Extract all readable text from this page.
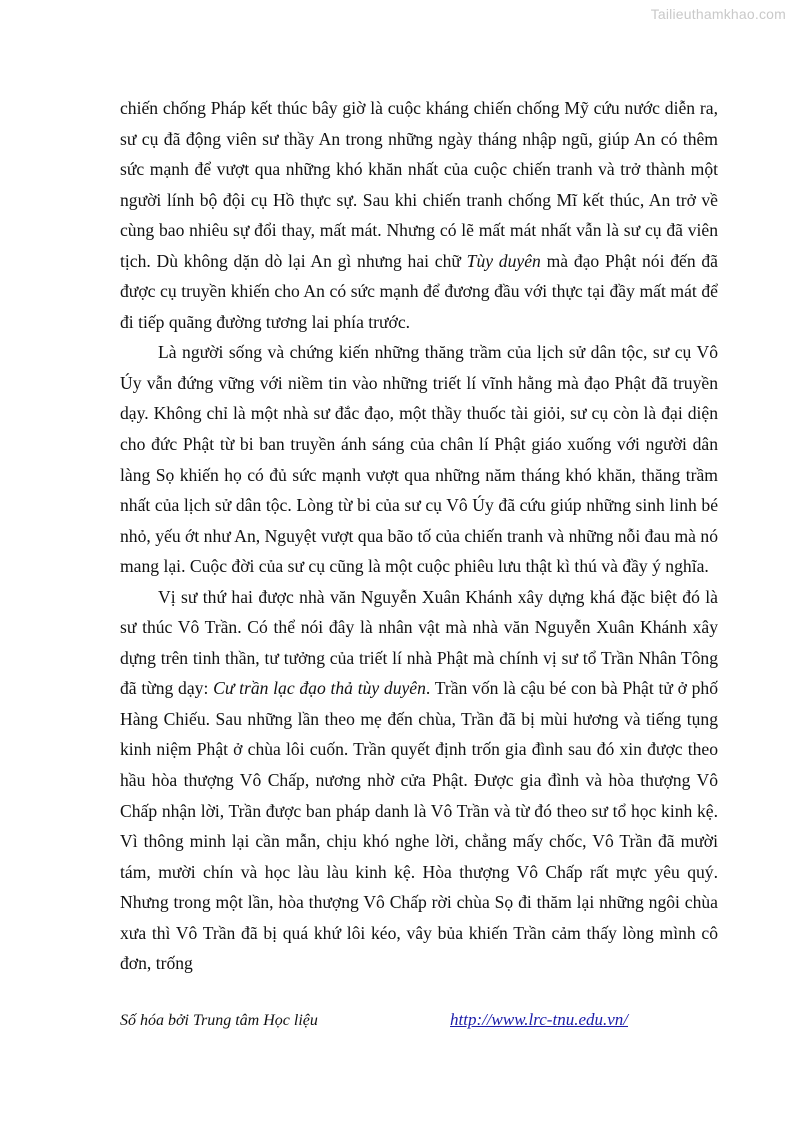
Tailieuthamkhao.com

chiến chống Pháp kết thúc bây giờ là cuộc kháng chiến chống Mỹ cứu nước diễn ra, sư cụ đã động viên sư thầy An trong những ngày tháng nhập ngũ, giúp An có thêm sức mạnh để vượt qua những khó khăn nhất của cuộc chiến tranh và trở thành một người lính bộ đội cụ Hồ thực sự. Sau khi chiến tranh chống Mĩ kết thúc, An trở về cùng bao nhiêu sự đổi thay, mất mát. Nhưng có lẽ mất mát nhất vẫn là sư cụ đã viên tịch. Dù không dặn dò lại An gì nhưng hai chữ Tùy duyên mà đạo Phật nói đến đã được cụ truyền khiến cho An có sức mạnh để đương đầu với thực tại đầy mất mát để đi tiếp quãng đường tương lai phía trước.

Là người sống và chứng kiến những thăng trầm của lịch sử dân tộc, sư cụ Vô Úy vẫn đứng vững với niềm tin vào những triết lí vĩnh hằng mà đạo Phật đã truyền dạy. Không chỉ là một nhà sư đắc đạo, một thầy thuốc tài giỏi, sư cụ còn là đại diện cho đức Phật từ bi ban truyền ánh sáng của chân lí Phật giáo xuống với người dân làng Sọ khiến họ có đủ sức mạnh vượt qua những năm tháng khó khăn, thăng trầm nhất của lịch sử dân tộc. Lòng từ bi của sư cụ Vô Úy đã cứu giúp những sinh linh bé nhỏ, yếu ớt như An, Nguyệt vượt qua bão tố của chiến tranh và những nỗi đau mà nó mang lại. Cuộc đời của sư cụ cũng là một cuộc phiêu lưu thật kì thú và đầy ý nghĩa.

Vị sư thứ hai được nhà văn Nguyễn Xuân Khánh xây dựng khá đặc biệt đó là sư thúc Vô Trần. Có thể nói đây là nhân vật mà nhà văn Nguyễn Xuân Khánh xây dựng trên tinh thần, tư tưởng của triết lí nhà Phật mà chính vị sư tổ Trần Nhân Tông đã từng dạy: Cư trần lạc đạo thả tùy duyên. Trần vốn là cậu bé con bà Phật tử ở phố Hàng Chiếu. Sau những lần theo mẹ đến chùa, Trần đã bị mùi hương và tiếng tụng kinh niệm Phật ở chùa lôi cuốn. Trần quyết định trốn gia đình sau đó xin được theo hầu hòa thượng Vô Chấp, nương nhờ cửa Phật. Được gia đình và hòa thượng Vô Chấp nhận lời, Trần được ban pháp danh là Vô Trần và từ đó theo sư tổ học kinh kệ. Vì thông minh lại cần mẫn, chịu khó nghe lời, chẳng mấy chốc, Vô Trần đã mười tám, mười chín và học làu làu kinh kệ. Hòa thượng Vô Chấp rất mực yêu quý. Nhưng trong một lần, hòa thượng Vô Chấp rời chùa Sọ đi thăm lại những ngôi chùa xưa thì Vô Trần đã bị quá khứ lôi kéo, vây bủa khiến Trần cảm thấy lòng mình cô đơn, trống

Số hóa bởi Trung tâm Học liệu	http://www.lrc-tnu.edu.vn/
